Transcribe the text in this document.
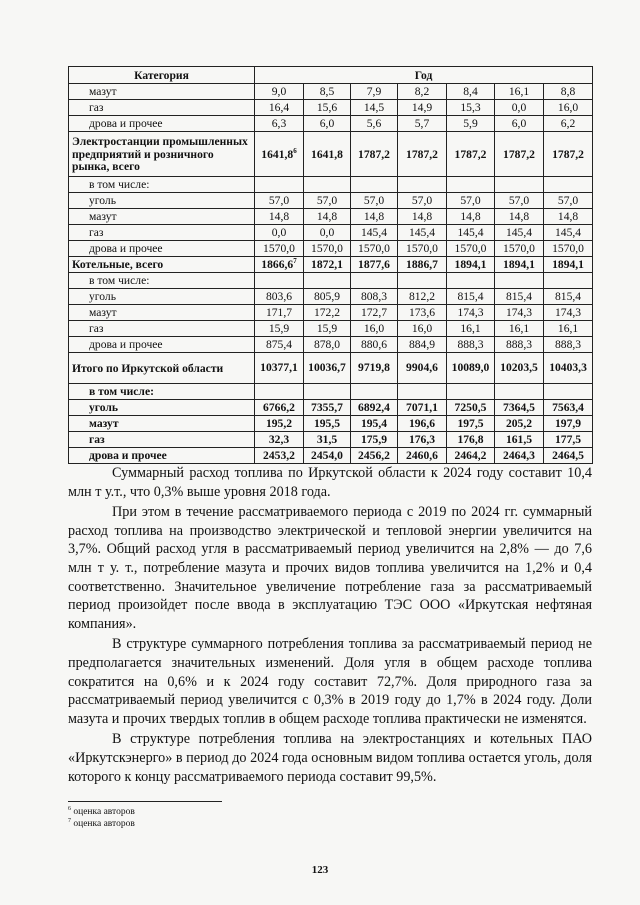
Категория	Год						
мазут	9,0	8,5	7,9	8,2	8,4	16,1	8,8
газ	16,4	15,6	14,5	14,9	15,3	0,0	16,0
дрова и прочее	6,3	6,0	5,6	5,7	5,9	6,0	6,2
Электростанции промышленных предприятий и розничного рынка, всего	1641,8$^6$	1641,8	1787,2	1787,2	1787,2	1787,2	1787,2
в том числе:							
уголь	57,0	57,0	57,0	57,0	57,0	57,0	57,0
мазут	14,8	14,8	14,8	14,8	14,8	14,8	14,8
газ	0,0	0,0	145,4	145,4	145,4	145,4	145,4
дрова и прочее	1570,0	1570,0	1570,0	1570,0	1570,0	1570,0	1570,0
Котельные, всего	1866,6$^7$	1872,1	1877,6	1886,7	1894,1	1894,1	1894,1
в том числе:							
уголь	803,6	805,9	808,3	812,2	815,4	815,4	815,4
мазут	171,7	172,2	172,7	173,6	174,3	174,3	174,3
газ	15,9	15,9	16,0	16,0	16,1	16,1	16,1
дрова и прочее	875,4	878,0	880,6	884,9	888,3	888,3	888,3
Итого по Иркутской области	10377,1	10036,7	9719,8	9904,6	10089,0	10203,5	10403,3
в том числе:							
уголь	6766,2	7355,7	6892,4	7071,1	7250,5	7364,5	7563,4
мазут	195,2	195,5	195,4	196,6	197,5	205,2	197,9
газ	32,3	31,5	175,9	176,3	176,8	161,5	177,5
дрова и прочее	2453,2	2454,0	2456,2	2460,6	2464,2	2464,3	2464,5

Суммарный расход топлива по Иркутской области к 2024 году составит 10,4 млн т у.т., что 0,3% выше уровня 2018 года.

При этом в течение рассматриваемого периода с 2019 по 2024 гг. суммарный расход топлива на производство электрической и тепловой энергии увеличится на 3,7%. Общий расход угля в рассматриваемый период увеличится на 2,8% — до 7,6 млн т у. т., потребление мазута и прочих видов топлива увеличится на 1,2% и 0,4 соответственно. Значительное увеличение потребление газа за рассматриваемый период произойдет после ввода в эксплуатацию ТЭС ООО «Иркутская нефтяная компания».

В структуре суммарного потребления топлива за рассматриваемый период не предполагается значительных изменений. Доля угля в общем расходе топлива сократится на 0,6% и к 2024 году составит 72,7%. Доля природного газа за рассматриваемый период увеличится с 0,3% в 2019 году до 1,7% в 2024 году. Доли мазута и прочих твердых топлив в общем расходе топлива практически не изменятся.

В структуре потребления топлива на электростанциях и котельных ПАО «Иркутскэнерго» в период до 2024 года основным видом топлива остается уголь, доля которого к концу рассматриваемого периода составит 99,5%.

$^6$ оценка авторов
$^7$ оценка авторов
123
